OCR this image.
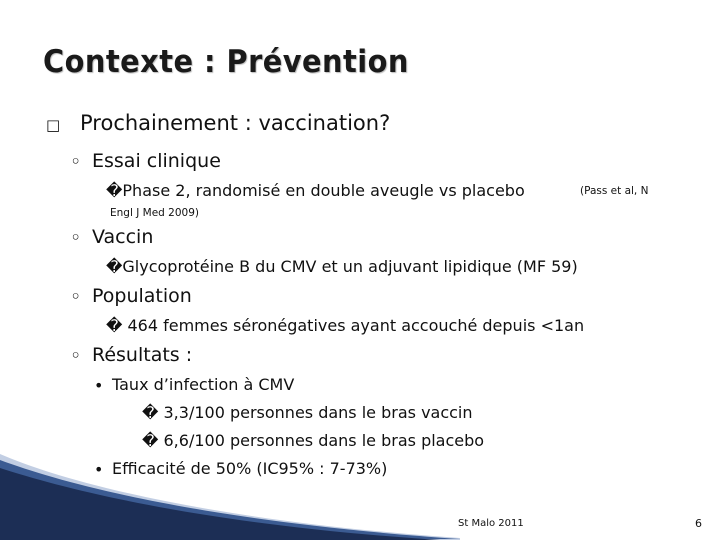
Contexte : Prévention
□ Prochainement : vaccination?
◦ Essai clinique
�Phase 2, randomisé en double aveugle vs placebo	(Pass et al, N
Engl J Med 2009)
◦ Vaccin
�Glycoprotéine B du CMV et un adjuvant lipidique (MF 59)
◦ Population
� 464 femmes séronégatives ayant accouché depuis <1an
◦ Résultats :
• Taux d’infection à CMV
� 3,3/100 personnes dans le bras vaccin
� 6,6/100 personnes dans le bras placebo
• Efficacité de 50% (IC95% : 7-73%)
St Malo 2011	6
